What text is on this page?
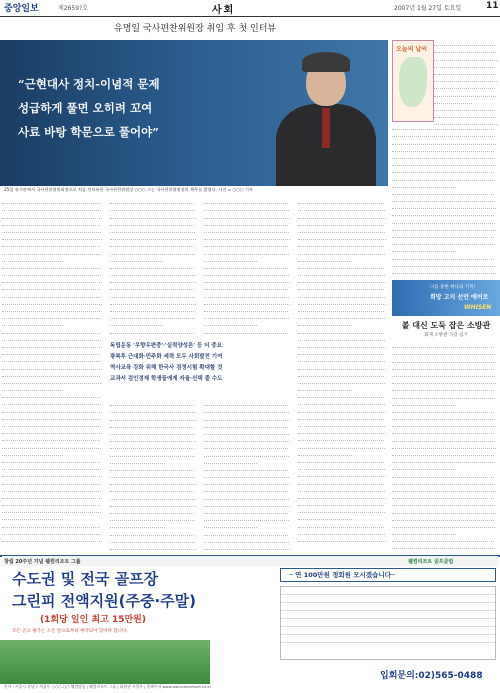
중앙일보	제2659?호	사회	2007년 1월 27일 토요일	11
유명일 국사편찬위원장 취임 후 첫 인터뷰
“근현대사 정치-이념적 문제
성급하게 풀면 오히려 꼬여
사료 바탕 학문으로 풀어야”
25일 유기관에서 국사편찬위원회장으로 처음 인터뷰한 국사편찬위원장 ○○○ 그는 국사편찬위원장의 책무를 밝혔다. 사진 = ○○○ 기자
독립운동 '우향우편중'·'실력양성론' 등 더 중요
광복후 근대화·민주화 세력 모두 사회발전 기여
역사교육 강화 위해 한국사 검정시험 확대할 것
교과서 검인정제 학생들에게 자율·선택 줄 수도
오늘의 날씨
나를 통한 하나의 기적!
희망 고지 선언 에어로
WHISEN
볼 대신 도둑 잡은 소방관
화재 소방관 가장 검거
창립 20주년 기념 웰컴리조트 그룹	웰컴리조트 골프클럽
수도권 및 전국 골프장
그린피 전액지원(주중·주말)
(1회당 일인 최고 15만원)
모든 골프 평가는 오픈 앞으로부터 예약되어 있어야 합니다.
─ 연 100만원 정회원 모시겠습니다─
입회문의:02)565-0488
본사 : 서울시 강남구 역삼동 ○○○-○○ 웰컴빌딩 | 웰컴리조트 그룹 | 회원권 사업부 | 홈페이지 www.welcomeresort.co.kr
